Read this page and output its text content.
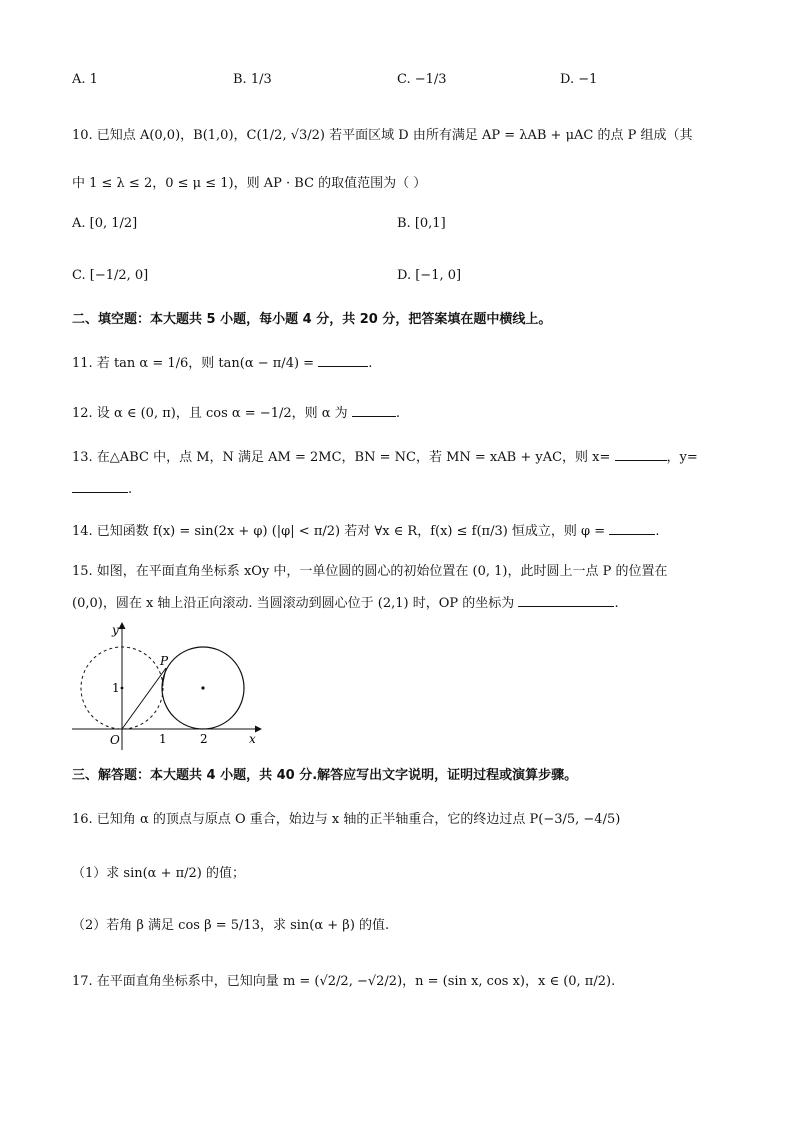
A. 1	B. 1/3	C. −1/3	D. −1
10. 已知点 A(0,0)，B(1,0)，C(1/2, √3/2) 若平面区域 D 由所有满足 AP = λAB + μAC 的点 P 组成（其
中 1 ≤ λ ≤ 2，0 ≤ μ ≤ 1)，则 AP · BC 的取值范围为（ ）
A. [0, 1/2]	B. [0,1]
C. [−1/2, 0]	D. [−1, 0]
二、填空题：本大题共 5 小题，每小题 4 分，共 20 分，把答案填在题中横线上。
11. 若 tan α = 1/6，则 tan(α − π/4) =	.
12. 设 α ∈ (0, π)，且 cos α = −1/2，则 α 为	.
13. 在△ABC 中，点 M，N 满足 AM = 2MC，BN = NC，若 MN = xAB + yAC，则 x=	，y=
.
14. 已知函数 f(x) = sin(2x + φ) (|φ| < π/2) 若对 ∀x ∈ R，f(x) ≤ f(π/3) 恒成立，则 φ =	.
15. 如图，在平面直角坐标系 xOy 中，一单位圆的圆心的初始位置在 (0, 1)，此时圆上一点 P 的位置在
(0,0)，圆在 x 轴上沿正向滚动. 当圆滚动到圆心位于 (2,1) 时，OP 的坐标为	.
y
x
P
O	1	2
1
三、解答题：本大题共 4 小题，共 40 分.解答应写出文字说明，证明过程或演算步骤。
16. 已知角 α 的顶点与原点 O 重合，始边与 x 轴的正半轴重合，它的终边过点 P(−3/5, −4/5)
（1）求 sin(α + π/2) 的值；
（2）若角 β 满足 cos β = 5/13，求 sin(α + β) 的值.
17. 在平面直角坐标系中，已知向量 m = (√2/2, −√2/2)，n = (sin x, cos x)，x ∈ (0, π/2).
